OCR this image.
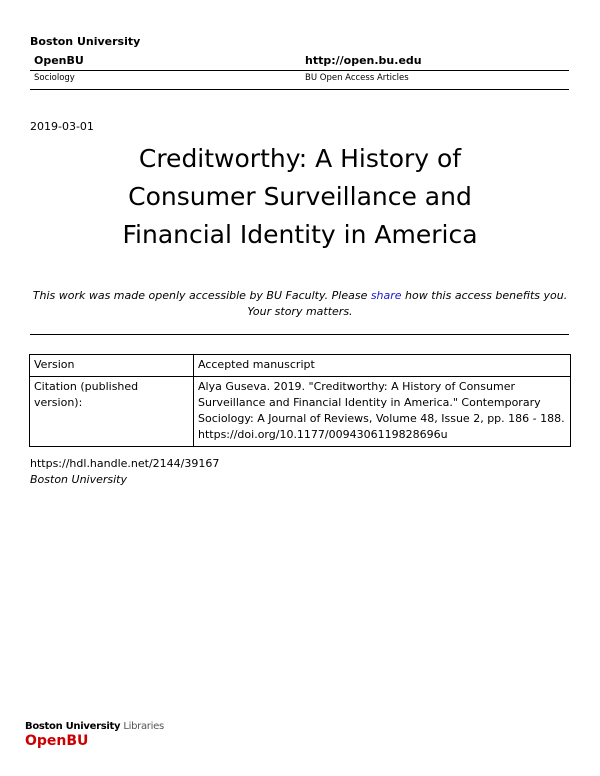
Boston University
OpenBU	http://open.bu.edu
Sociology	BU Open Access Articles
2019-03-01
Creditworthy: A History of
Consumer Surveillance and
Financial Identity in America
This work was made openly accessible by BU Faculty. Please share how this access benefits you.
Your story matters.
Version	Accepted manuscript
Citation (published version):	Alya Guseva. 2019. "Creditworthy: A History of Consumer
Surveillance and Financial Identity in America." Contemporary
Sociology: A Journal of Reviews, Volume 48, Issue 2, pp. 186 - 188.
https://doi.org/10.1177/0094306119828696u
https://hdl.handle.net/2144/39167
Boston University
Boston University Libraries
OpenBU
